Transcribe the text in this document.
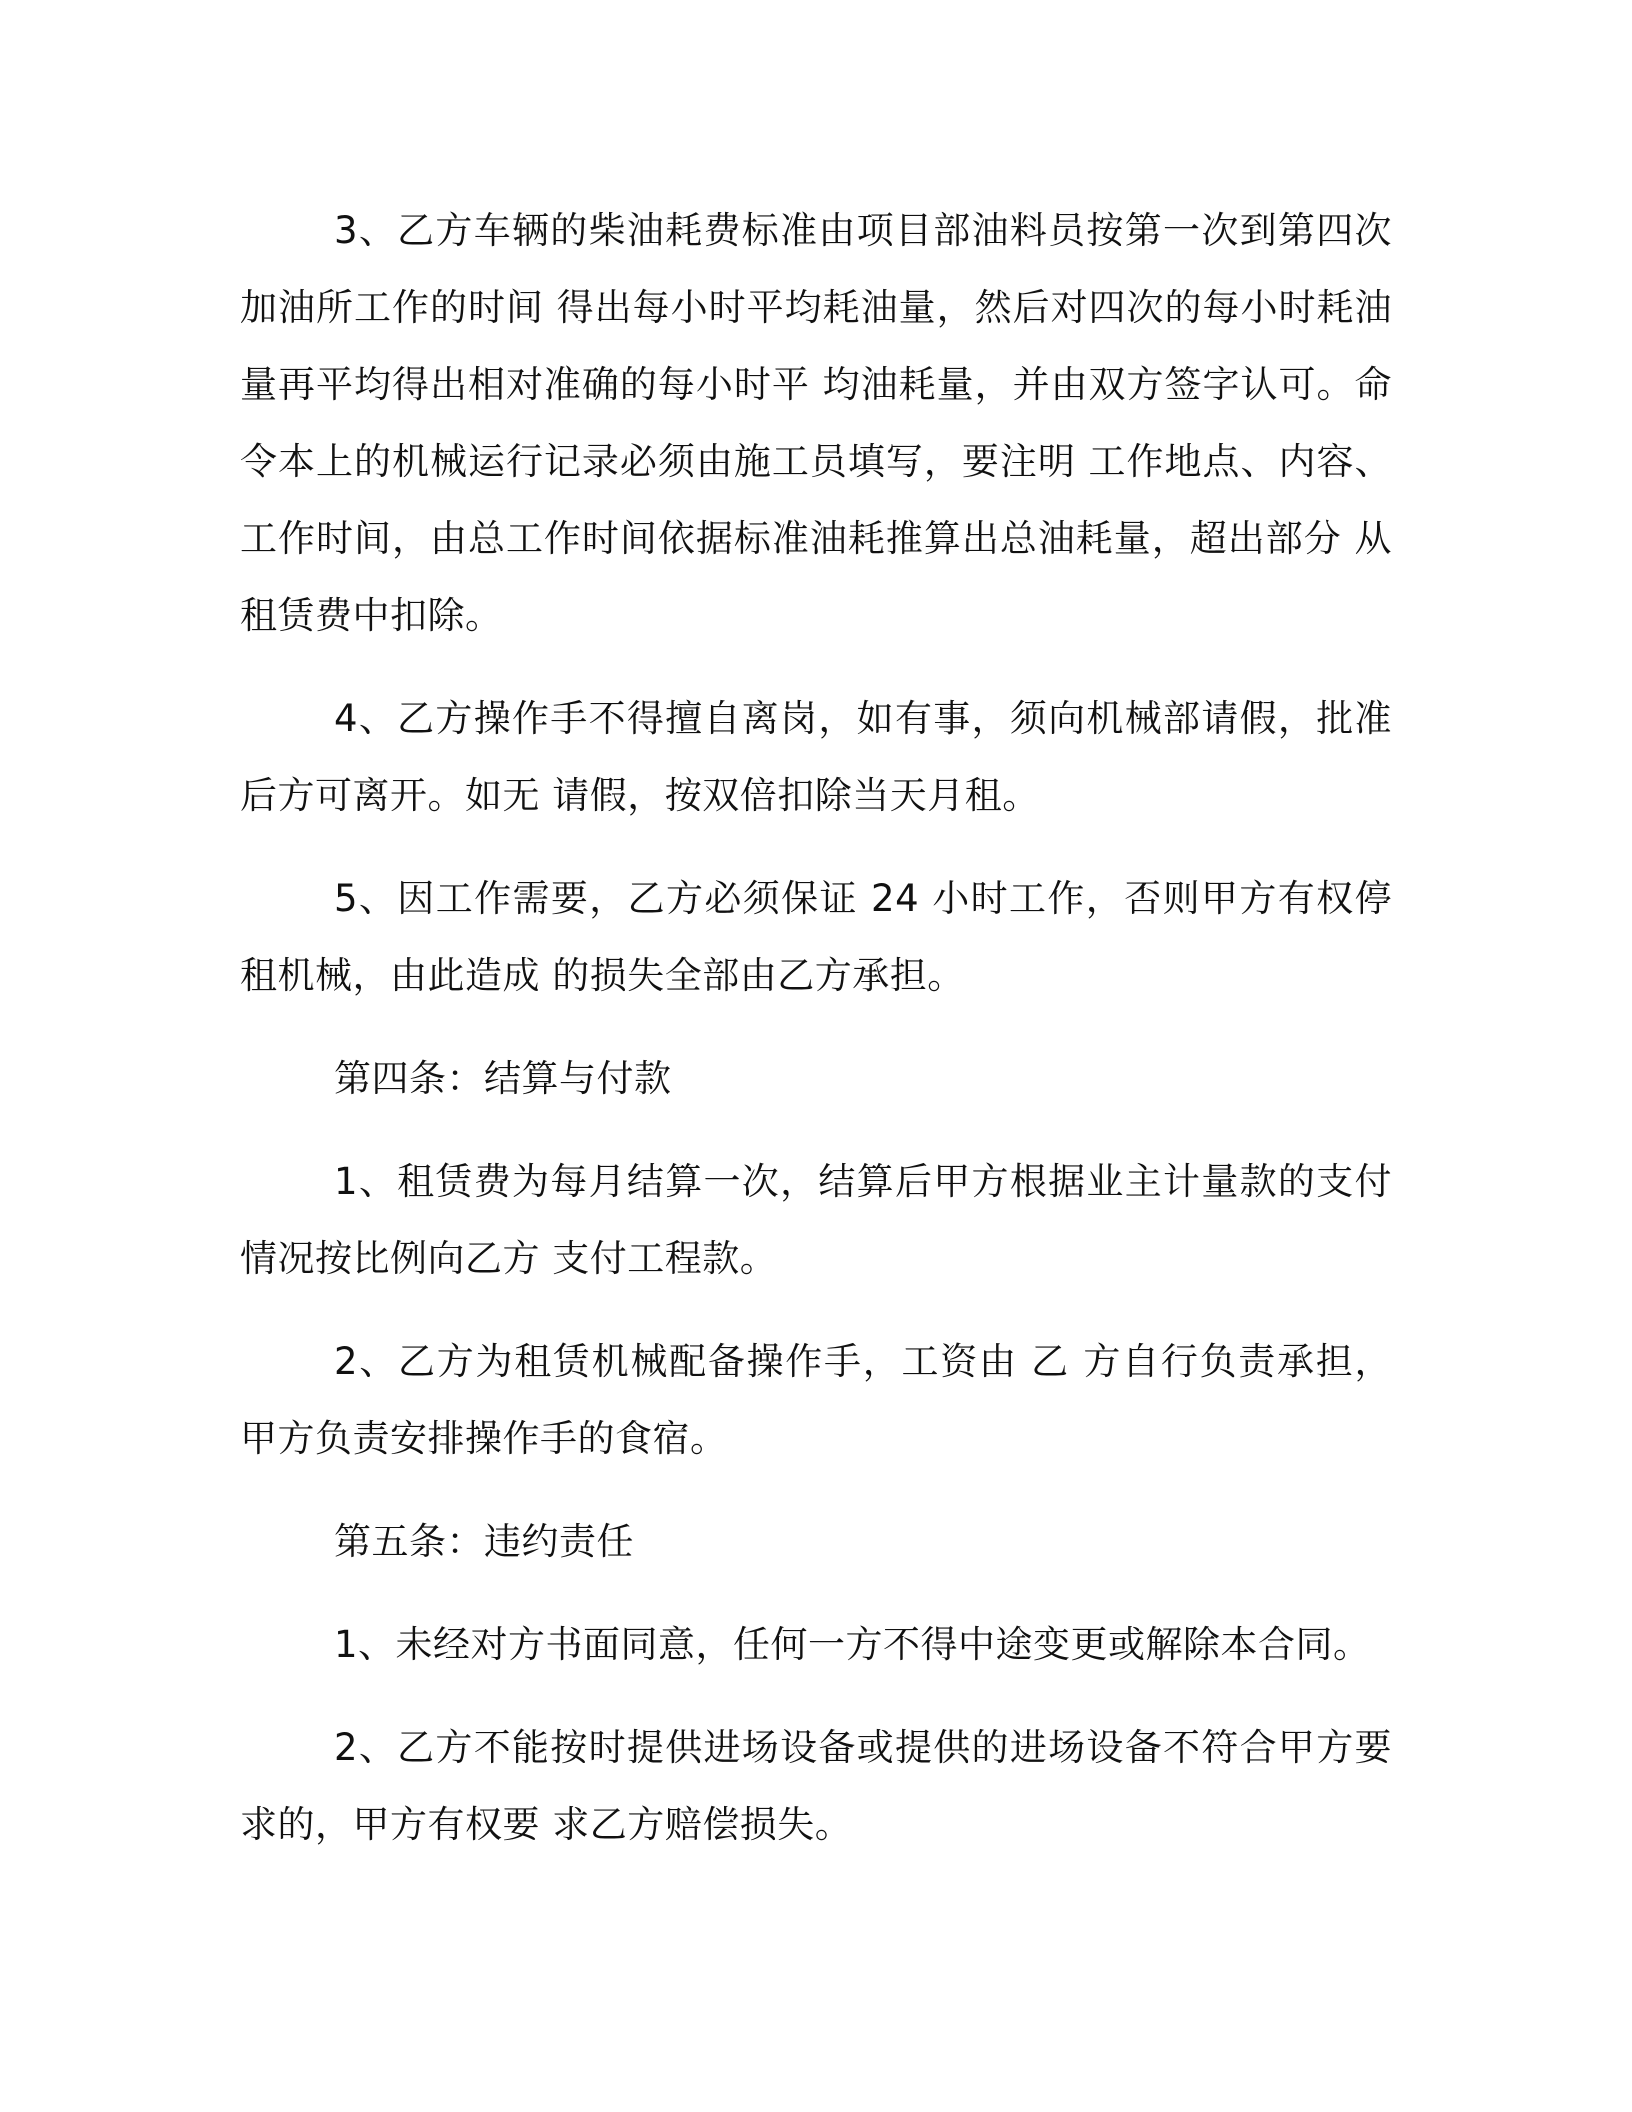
3、乙方车辆的柴油耗费标准由项目部油料员按第一次到第四次加油所工作的时间 得出每小时平均耗油量，然后对四次的每小时耗油量再平均得出相对准确的每小时平 均油耗量，并由双方签字认可。命令本上的机械运行记录必须由施工员填写，要注明 工作地点、内容、工作时间，由总工作时间依据标准油耗推算出总油耗量，超出部分 从租赁费中扣除。

4、乙方操作手不得擅自离岗，如有事，须向机械部请假，批准后方可离开。如无 请假，按双倍扣除当天月租。

5、因工作需要，乙方必须保证 24 小时工作，否则甲方有权停租机械，由此造成 的损失全部由乙方承担。

第四条：结算与付款

1、租赁费为每月结算一次，结算后甲方根据业主计量款的支付情况按比例向乙方 支付工程款。

2、乙方为租赁机械配备操作手，工资由 乙 方自行负责承担，甲方负责安排操作手的食宿。

第五条：违约责任

1、未经对方书面同意，任何一方不得中途变更或解除本合同。

2、乙方不能按时提供进场设备或提供的进场设备不符合甲方要求的，甲方有权要 求乙方赔偿损失。
